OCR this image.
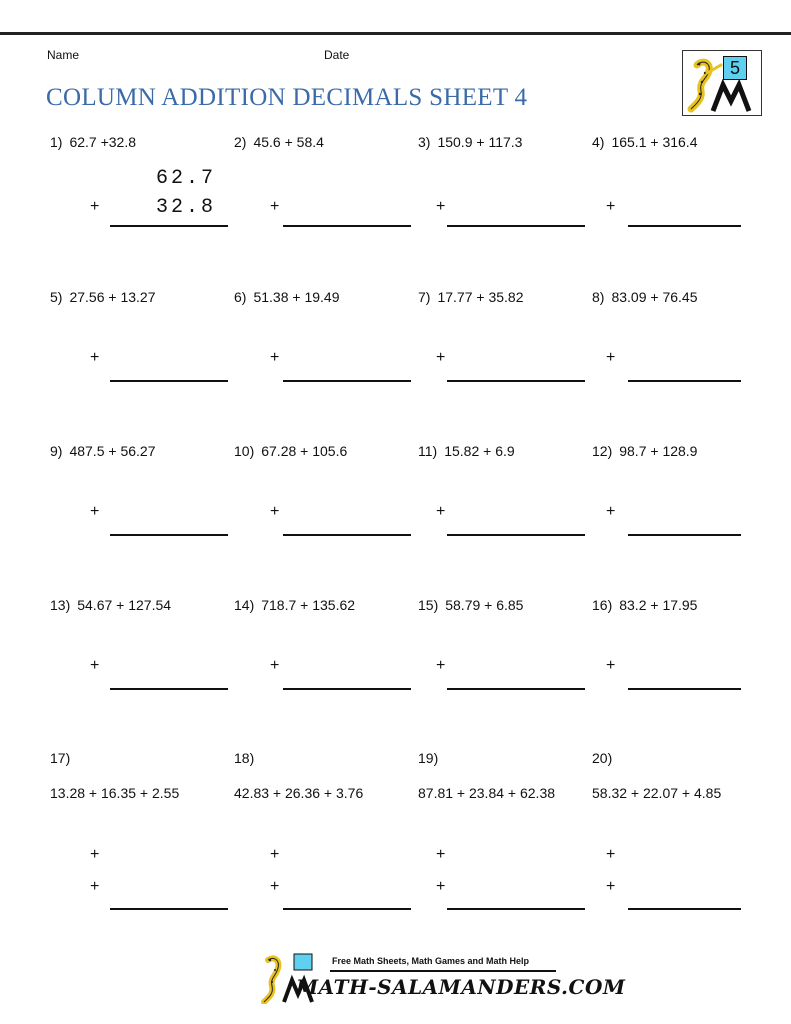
Name	Date
COLUMN ADDITION DECIMALS SHEET 4
5
1) 62.7 +32.8
+
2) 45.6 + 58.4
+
3) 150.9 + 117.3
+
4) 165.1 + 316.4
+
5) 27.56 + 13.27
+
6) 51.38 + 19.49
+
7) 17.77 + 35.82
+
8) 83.09 + 76.45
+
9) 487.5 + 56.27
+
10) 67.28 + 105.6
+
11) 15.82 + 6.9
+
12) 98.7 + 128.9
+
13) 54.67 + 127.54
+
14) 718.7 + 135.62
+
15) 58.79 + 6.85
+
16) 83.2 + 17.95
+
17)
13.28 + 16.35 + 2.55
+
+
18)
42.83 + 26.36 + 3.76
+
+
19)
87.81 + 23.84 + 62.38
+
+
20)
58.32 + 22.07 + 4.85
+
+
62.7
32.8
Free Math Sheets, Math Games and Math Help
MATH-SALAMANDERS.COM
